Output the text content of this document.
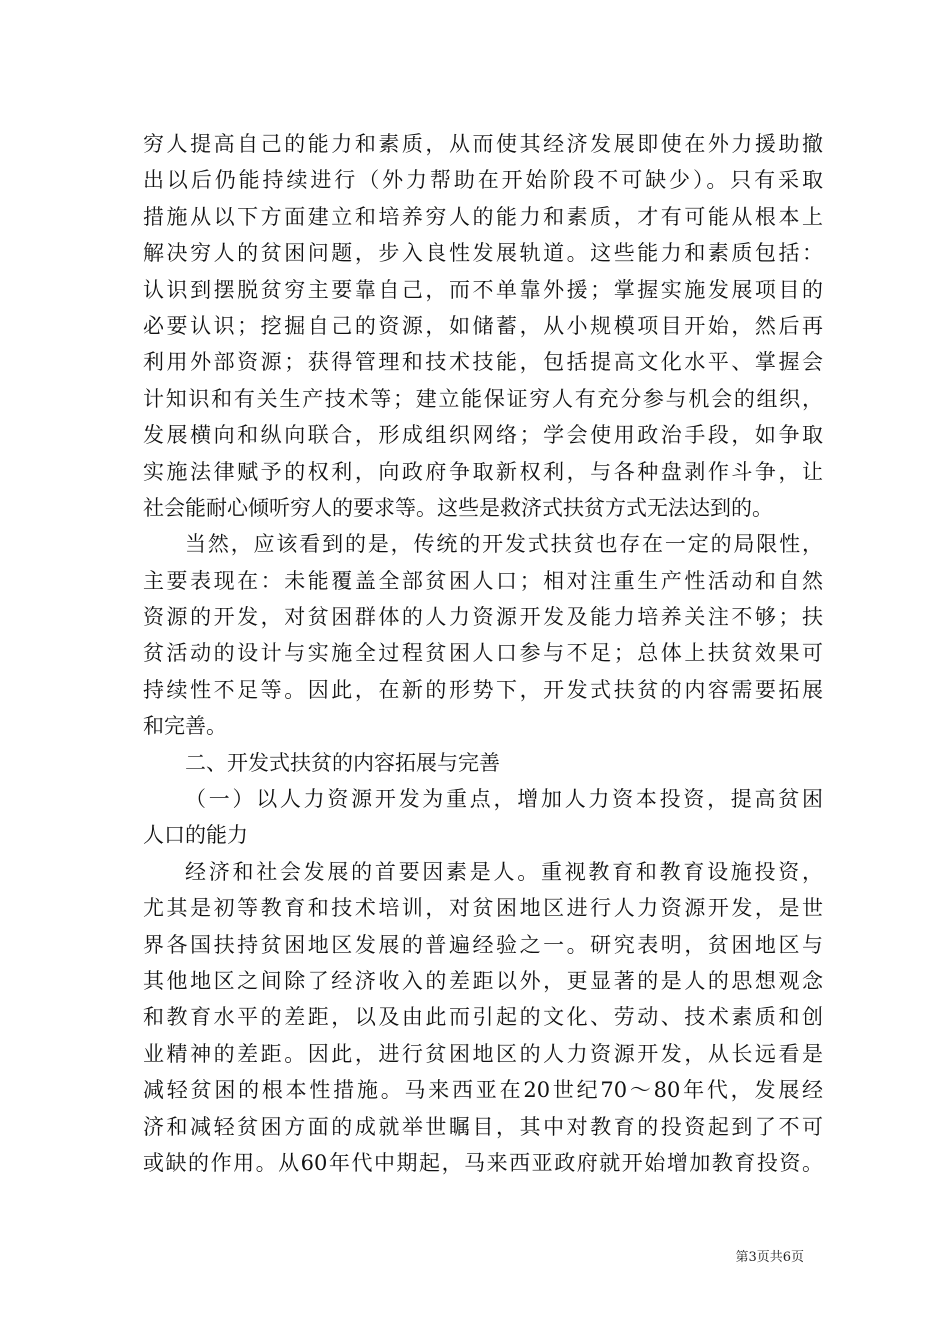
穷人提高自己的能力和素质，从而使其经济发展即使在外力援助撤
出以后仍能持续进行（外力帮助在开始阶段不可缺少）。只有采取
措施从以下方面建立和培养穷人的能力和素质，才有可能从根本上
解决穷人的贫困问题，步入良性发展轨道。这些能力和素质包括：
认识到摆脱贫穷主要靠自己，而不单靠外援；掌握实施发展项目的
必要认识；挖掘自己的资源，如储蓄，从小规模项目开始，然后再
利用外部资源；获得管理和技术技能，包括提高文化水平、掌握会
计知识和有关生产技术等；建立能保证穷人有充分参与机会的组织，
发展横向和纵向联合，形成组织网络；学会使用政治手段，如争取
实施法律赋予的权利，向政府争取新权利，与各种盘剥作斗争，让
社会能耐心倾听穷人的要求等。这些是救济式扶贫方式无法达到的。
当然，应该看到的是，传统的开发式扶贫也存在一定的局限性，
主要表现在：未能覆盖全部贫困人口；相对注重生产性活动和自然
资源的开发，对贫困群体的人力资源开发及能力培养关注不够；扶
贫活动的设计与实施全过程贫困人口参与不足；总体上扶贫效果可
持续性不足等。因此，在新的形势下，开发式扶贫的内容需要拓展
和完善。
二、开发式扶贫的内容拓展与完善
（一）以人力资源开发为重点，增加人力资本投资，提高贫困
人口的能力
经济和社会发展的首要因素是人。重视教育和教育设施投资，
尤其是初等教育和技术培训，对贫困地区进行人力资源开发，是世
界各国扶持贫困地区发展的普遍经验之一。研究表明，贫困地区与
其他地区之间除了经济收入的差距以外，更显著的是人的思想观念
和教育水平的差距，以及由此而引起的文化、劳动、技术素质和创
业精神的差距。因此，进行贫困地区的人力资源开发，从长远看是
减轻贫困的根本性措施。马来西亚在20世纪70～80年代，发展经
济和减轻贫困方面的成就举世瞩目，其中对教育的投资起到了不可
或缺的作用。从60年代中期起，马来西亚政府就开始增加教育投资。
第3页共6页
